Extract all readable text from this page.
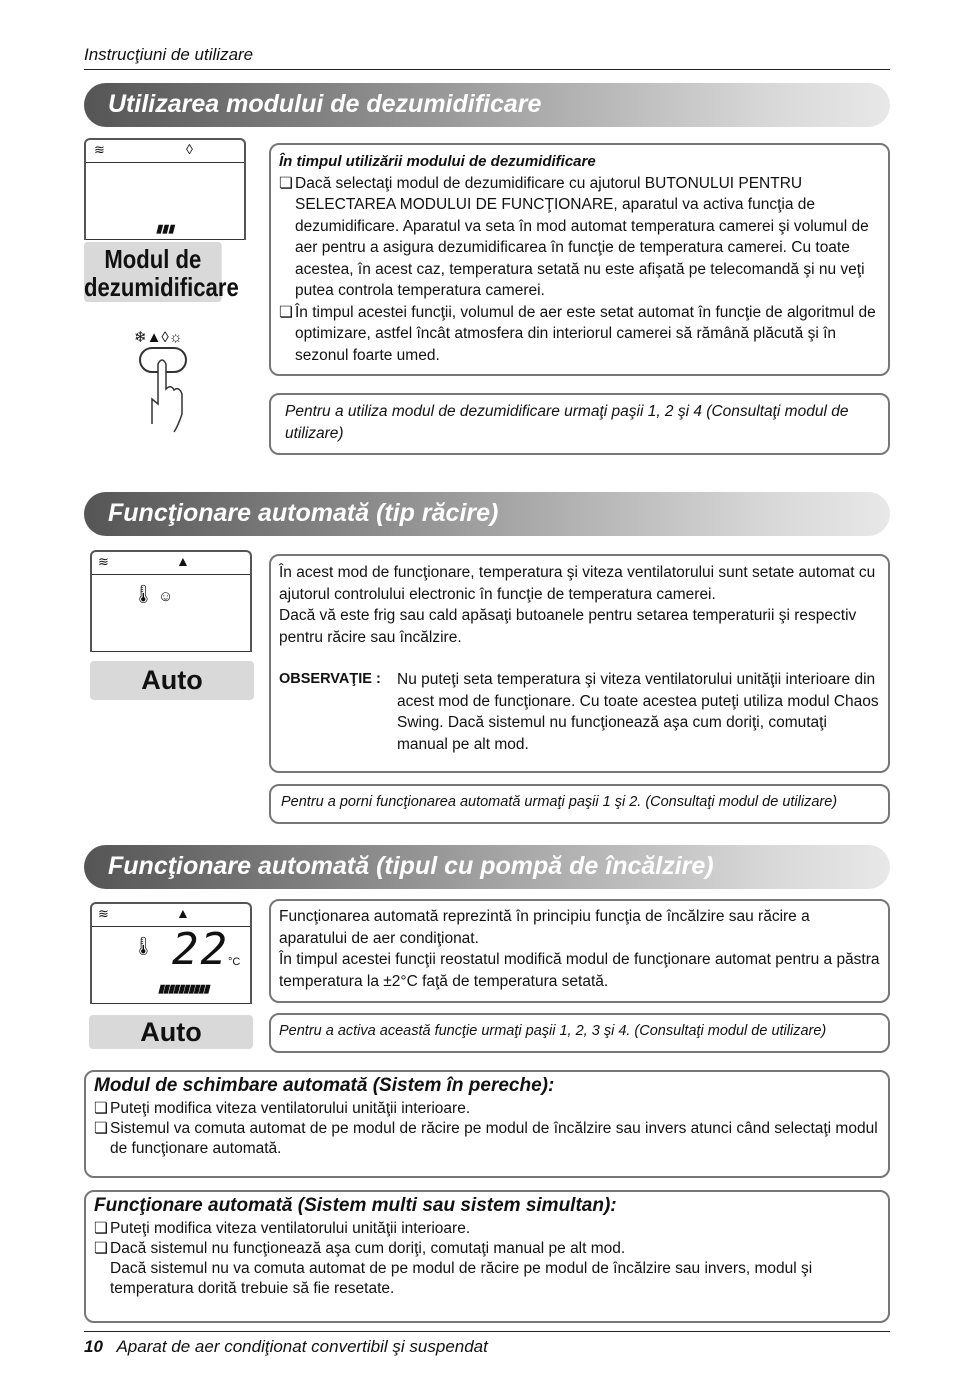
Instrucţiuni de utilizare
Utilizarea modului de dezumidificare
≋	◊
▮▮▮
Modul de dezumidificare
❄▲◊☼
În timpul utilizării modului de dezumidificare
❏ Dacă selectaţi modul de dezumidificare cu ajutorul BUTONULUI PENTRU SELECTAREA MODULUI DE FUNCŢIONARE, aparatul va activa funcţia de dezumidificare. Aparatul va seta în mod automat temperatura camerei şi volumul de aer pentru a asigura dezumidificarea în funcţie de temperatura camerei. Cu toate acestea, în acest caz, temperatura setată nu este afişată pe telecomandă şi nu veţi putea controla temperatura camerei.
❏ În timpul acestei funcţii, volumul de aer este setat automat în funcţie de algoritmul de optimizare, astfel încât atmosfera din interiorul camerei să rămână plăcută şi în sezonul foarte umed.
Pentru a utiliza modul de dezumidificare urmaţi paşii 1, 2 şi 4 (Consultaţi modul de utilizare)
Funcţionare automată (tip răcire)
≋	▲
🌡 ☺
Auto
În acest mod de funcţionare, temperatura şi viteza ventilatorului sunt setate automat cu ajutorul controlului electronic în funcţie de temperatura camerei.
Dacă vă este frig sau cald apăsaţi butoanele pentru setarea temperaturii şi respectiv pentru răcire sau încălzire.
OBSERVAŢIE :	Nu puteţi seta temperatura şi viteza ventilatorului unităţii interioare din acest mod de funcţionare. Cu toate acestea puteţi utiliza modul Chaos Swing. Dacă sistemul nu funcţionează aşa cum doriţi, comutaţi manual pe alt mod.
Pentru a porni funcţionarea automată urmaţi paşii 1 şi 2. (Consultaţi modul de utilizare)
Funcţionare automată (tipul cu pompă de încălzire)
≋	▲
🌡 22 °C
▮▮▮▮▮▮▮▮▮▮
Auto
Funcţionarea automată reprezintă în principiu funcţia de încălzire sau răcire a aparatului de aer condiţionat.
În timpul acestei funcţii reostatul modifică modul de funcţionare automat pentru a păstra temperatura la ±2°C faţă de temperatura setată.
Pentru a activa această funcţie urmaţi paşii 1, 2, 3 şi 4. (Consultaţi modul de utilizare)
Modul de schimbare automată (Sistem în pereche):
❏ Puteţi modifica viteza ventilatorului unităţii interioare.
❏ Sistemul va comuta automat de pe modul de răcire pe modul de încălzire sau invers atunci când selectaţi modul de funcţionare automată.
Funcţionare automată (Sistem multi sau sistem simultan):
❏ Puteţi modifica viteza ventilatorului unităţii interioare.
❏ Dacă sistemul nu funcţionează aşa cum doriţi, comutaţi manual pe alt mod.
Dacă sistemul nu va comuta automat de pe modul de răcire pe modul de încălzire sau invers, modul şi temperatura dorită trebuie să fie resetate.
10 Aparat de aer condiţionat convertibil şi suspendat
